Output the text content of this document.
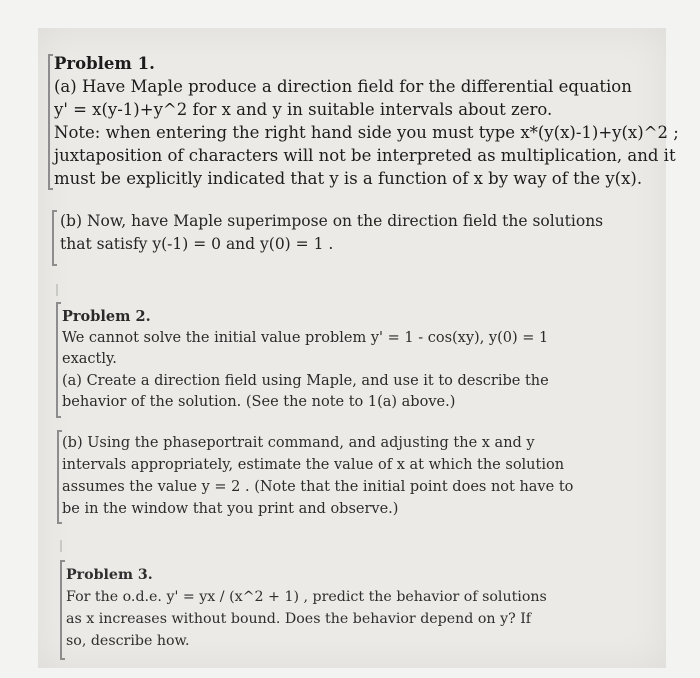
Problem 1.
(a) Have Maple produce a direction field for the differential equation
y' = x(y-1)+y^2 for x and y in suitable intervals about zero.
Note: when entering the right hand side you must type x*(y(x)-1)+y(x)^2 ;
juxtaposition of characters will not be interpreted as multiplication, and it
must be explicitly indicated that y is a function of x by way of the y(x).
(b) Now, have Maple superimpose on the direction field the solutions
that satisfy y(-1) = 0 and y(0) = 1 .
Problem 2.
We cannot solve the initial value problem y' = 1 - cos(xy), y(0) = 1
exactly.
(a) Create a direction field using Maple, and use it to describe the
behavior of the solution. (See the note to 1(a) above.)
(b) Using the phaseportrait command, and adjusting the x and y
intervals appropriately, estimate the value of x at which the solution
assumes the value y = 2 . (Note that the initial point does not have to
be in the window that you print and observe.)
Problem 3.
For the o.d.e. y' = yx / (x^2 + 1) , predict the behavior of solutions
as x increases without bound. Does the behavior depend on y? If
so, describe how.
